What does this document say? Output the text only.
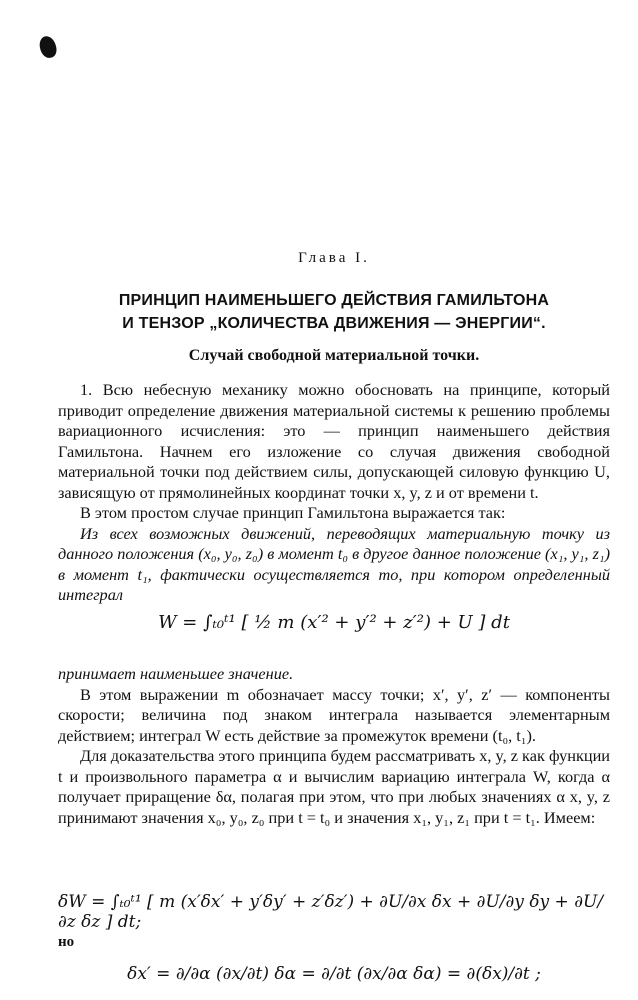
Глава I.
ПРИНЦИП НАИМЕНЬШЕГО ДЕЙСТВИЯ ГАМИЛЬТОНА
И ТЕНЗОР „КОЛИЧЕСТВА ДВИЖЕНИЯ — ЭНЕРГИИ“.
Случай свободной материальной точки.

1. Всю небесную механику можно обосновать на принципе, который приводит определение движения материальной системы к решению проблемы вариационного исчисления: это — принцип наименьшего действия Гамильтона. Начнем его изложение со случая движения свободной материальной точки под действием силы, допускающей силовую функцию U, зависящую от прямолинейных координат точки x, y, z и от времени t.

В этом простом случае принцип Гамильтона выражается так:

Из всех возможных движений, переводящих материальную точку из данного положения (x₀, y₀, z₀) в момент t₀ в другое данное положение (x₁, y₁, z₁) в момент t₁, фактически осуществляется то, при котором определенный интеграл

W = ∫ₜ₀ᵗ¹ [ ½ m (x′² + y′² + z′²) + U ] dt

принимает наименьшее значение.

В этом выражении m обозначает массу точки; x′, y′, z′ — компоненты скорости; величина под знаком интеграла называется элементарным действием; интеграл W есть действие за промежуток времени (t₀, t₁).

Для доказательства этого принципа будем рассматривать x, y, z как функции t и произвольного параметра α и вычислим вариацию интеграла W, когда α получает приращение δα, полагая при этом, что при любых значениях α x, y, z принимают значения x₀, y₀, z₀ при t = t₀ и значения x₁, y₁, z₁ при t = t₁. Имеем:

δW = ∫ₜ₀ᵗ¹ [ m (x′δx′ + y′δy′ + z′δz′) + ∂U/∂x δx + ∂U/∂y δy + ∂U/∂z δz ] dt;
но
δx′ = ∂/∂α (∂x/∂t) δα = ∂/∂t (∂x/∂α δα) = ∂(δx)/∂t ;
